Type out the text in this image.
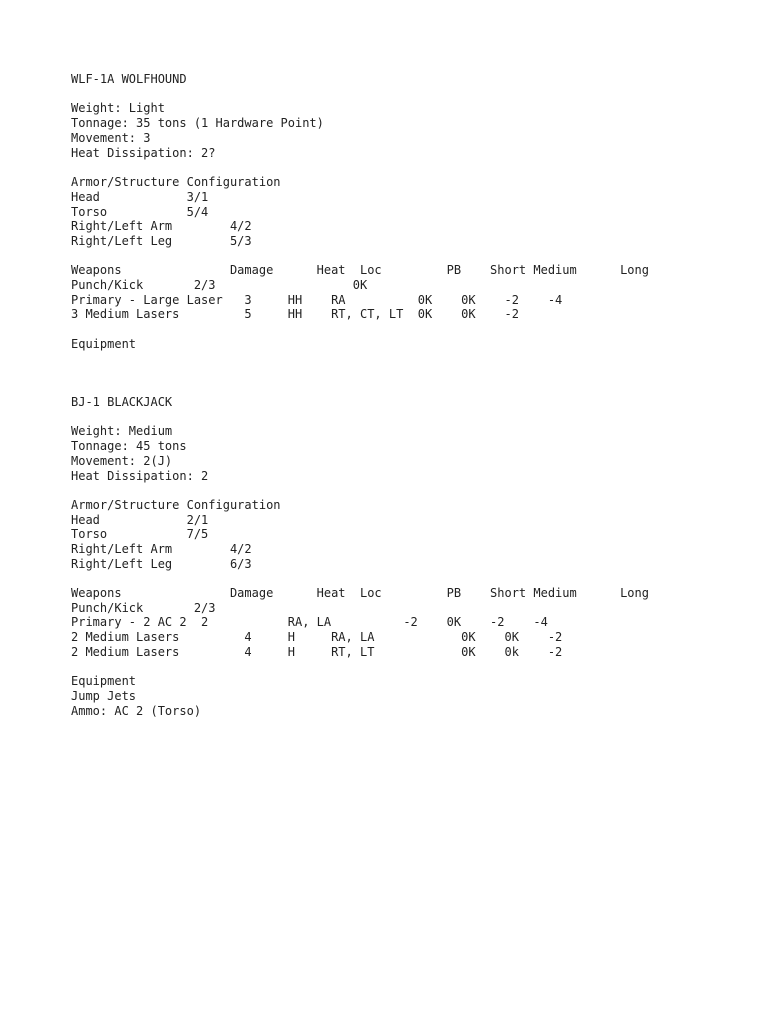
WLF-1A WOLFHOUND
Weight: Light
Tonnage: 35 tons (1 Hardware Point)
Movement: 3
Heat Dissipation: 2?
Armor/Structure Configuration
Head            3/1
Torso           5/4
Right/Left Arm        4/2
Right/Left Leg        5/3
Weapons               Damage      Heat  Loc         PB    Short Medium      Long
Punch/Kick       2/3                   0K
Primary - Large Laser   3     HH    RA          0K    0K    -2    -4
3 Medium Lasers         5     HH    RT, CT, LT  0K    0K    -2
Equipment
BJ-1 BLACKJACK
Weight: Medium
Tonnage: 45 tons
Movement: 2(J)
Heat Dissipation: 2
Armor/Structure Configuration
Head            2/1
Torso           7/5
Right/Left Arm        4/2
Right/Left Leg        6/3
Weapons               Damage      Heat  Loc         PB    Short Medium      Long
Punch/Kick       2/3
Primary - 2 AC 2  2           RA, LA          -2    0K    -2    -4
2 Medium Lasers         4     H     RA, LA            0K    0K    -2
2 Medium Lasers         4     H     RT, LT            0K    0k    -2
Equipment
Jump Jets
Ammo: AC 2 (Torso)
